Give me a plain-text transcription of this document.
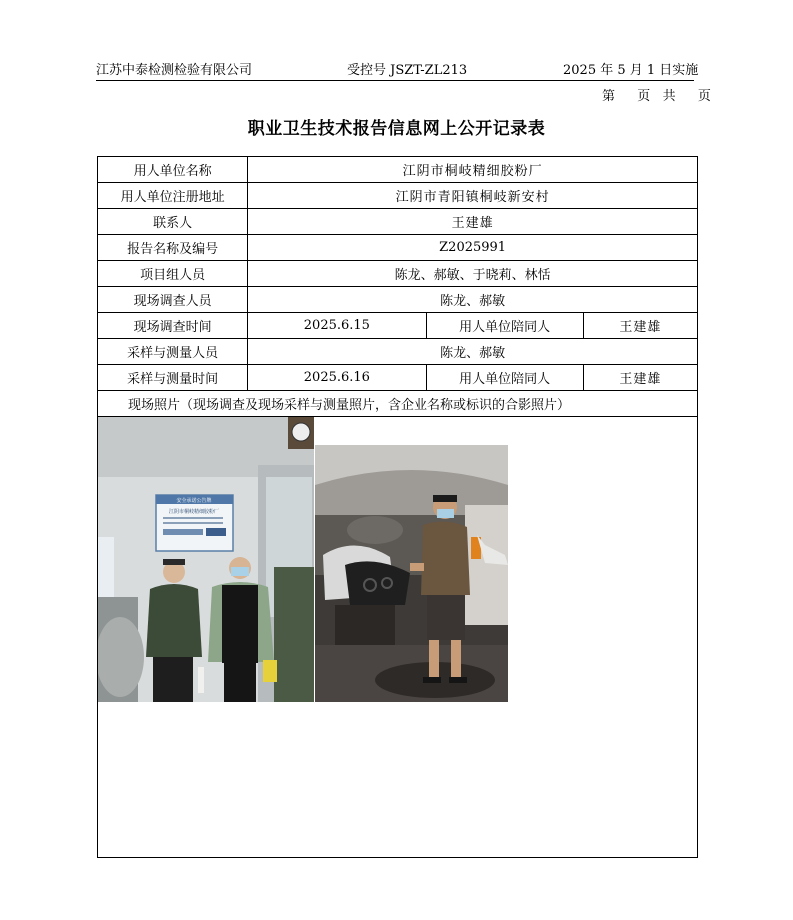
江苏中泰检测检验有限公司	受控号 JSZT-ZL213	2025 年 5 月 1 日实施
第 页 共 页
职业卫生技术报告信息网上公开记录表
用人单位名称	江阴市桐岐精细胶粉厂		
用人单位注册地址	江阴市青阳镇桐岐新安村		
联系人	王建雄		
报告名称及编号	Z2025991		
项目组人员	陈龙、郝敏、于晓莉、林恬		
现场调查人员	陈龙、郝敏		
现场调查时间	2025.6.15	用人单位陪同人	王建雄
采样与测量人员	陈龙、郝敏		
采样与测量时间	2025.6.16	用人单位陪同人	王建雄
现场照片（现场调查及现场采样与测量照片，含企业名称或标识的合影照片）			

安全承诺公告牌
江阴市桐岐精细胶粉厂			
